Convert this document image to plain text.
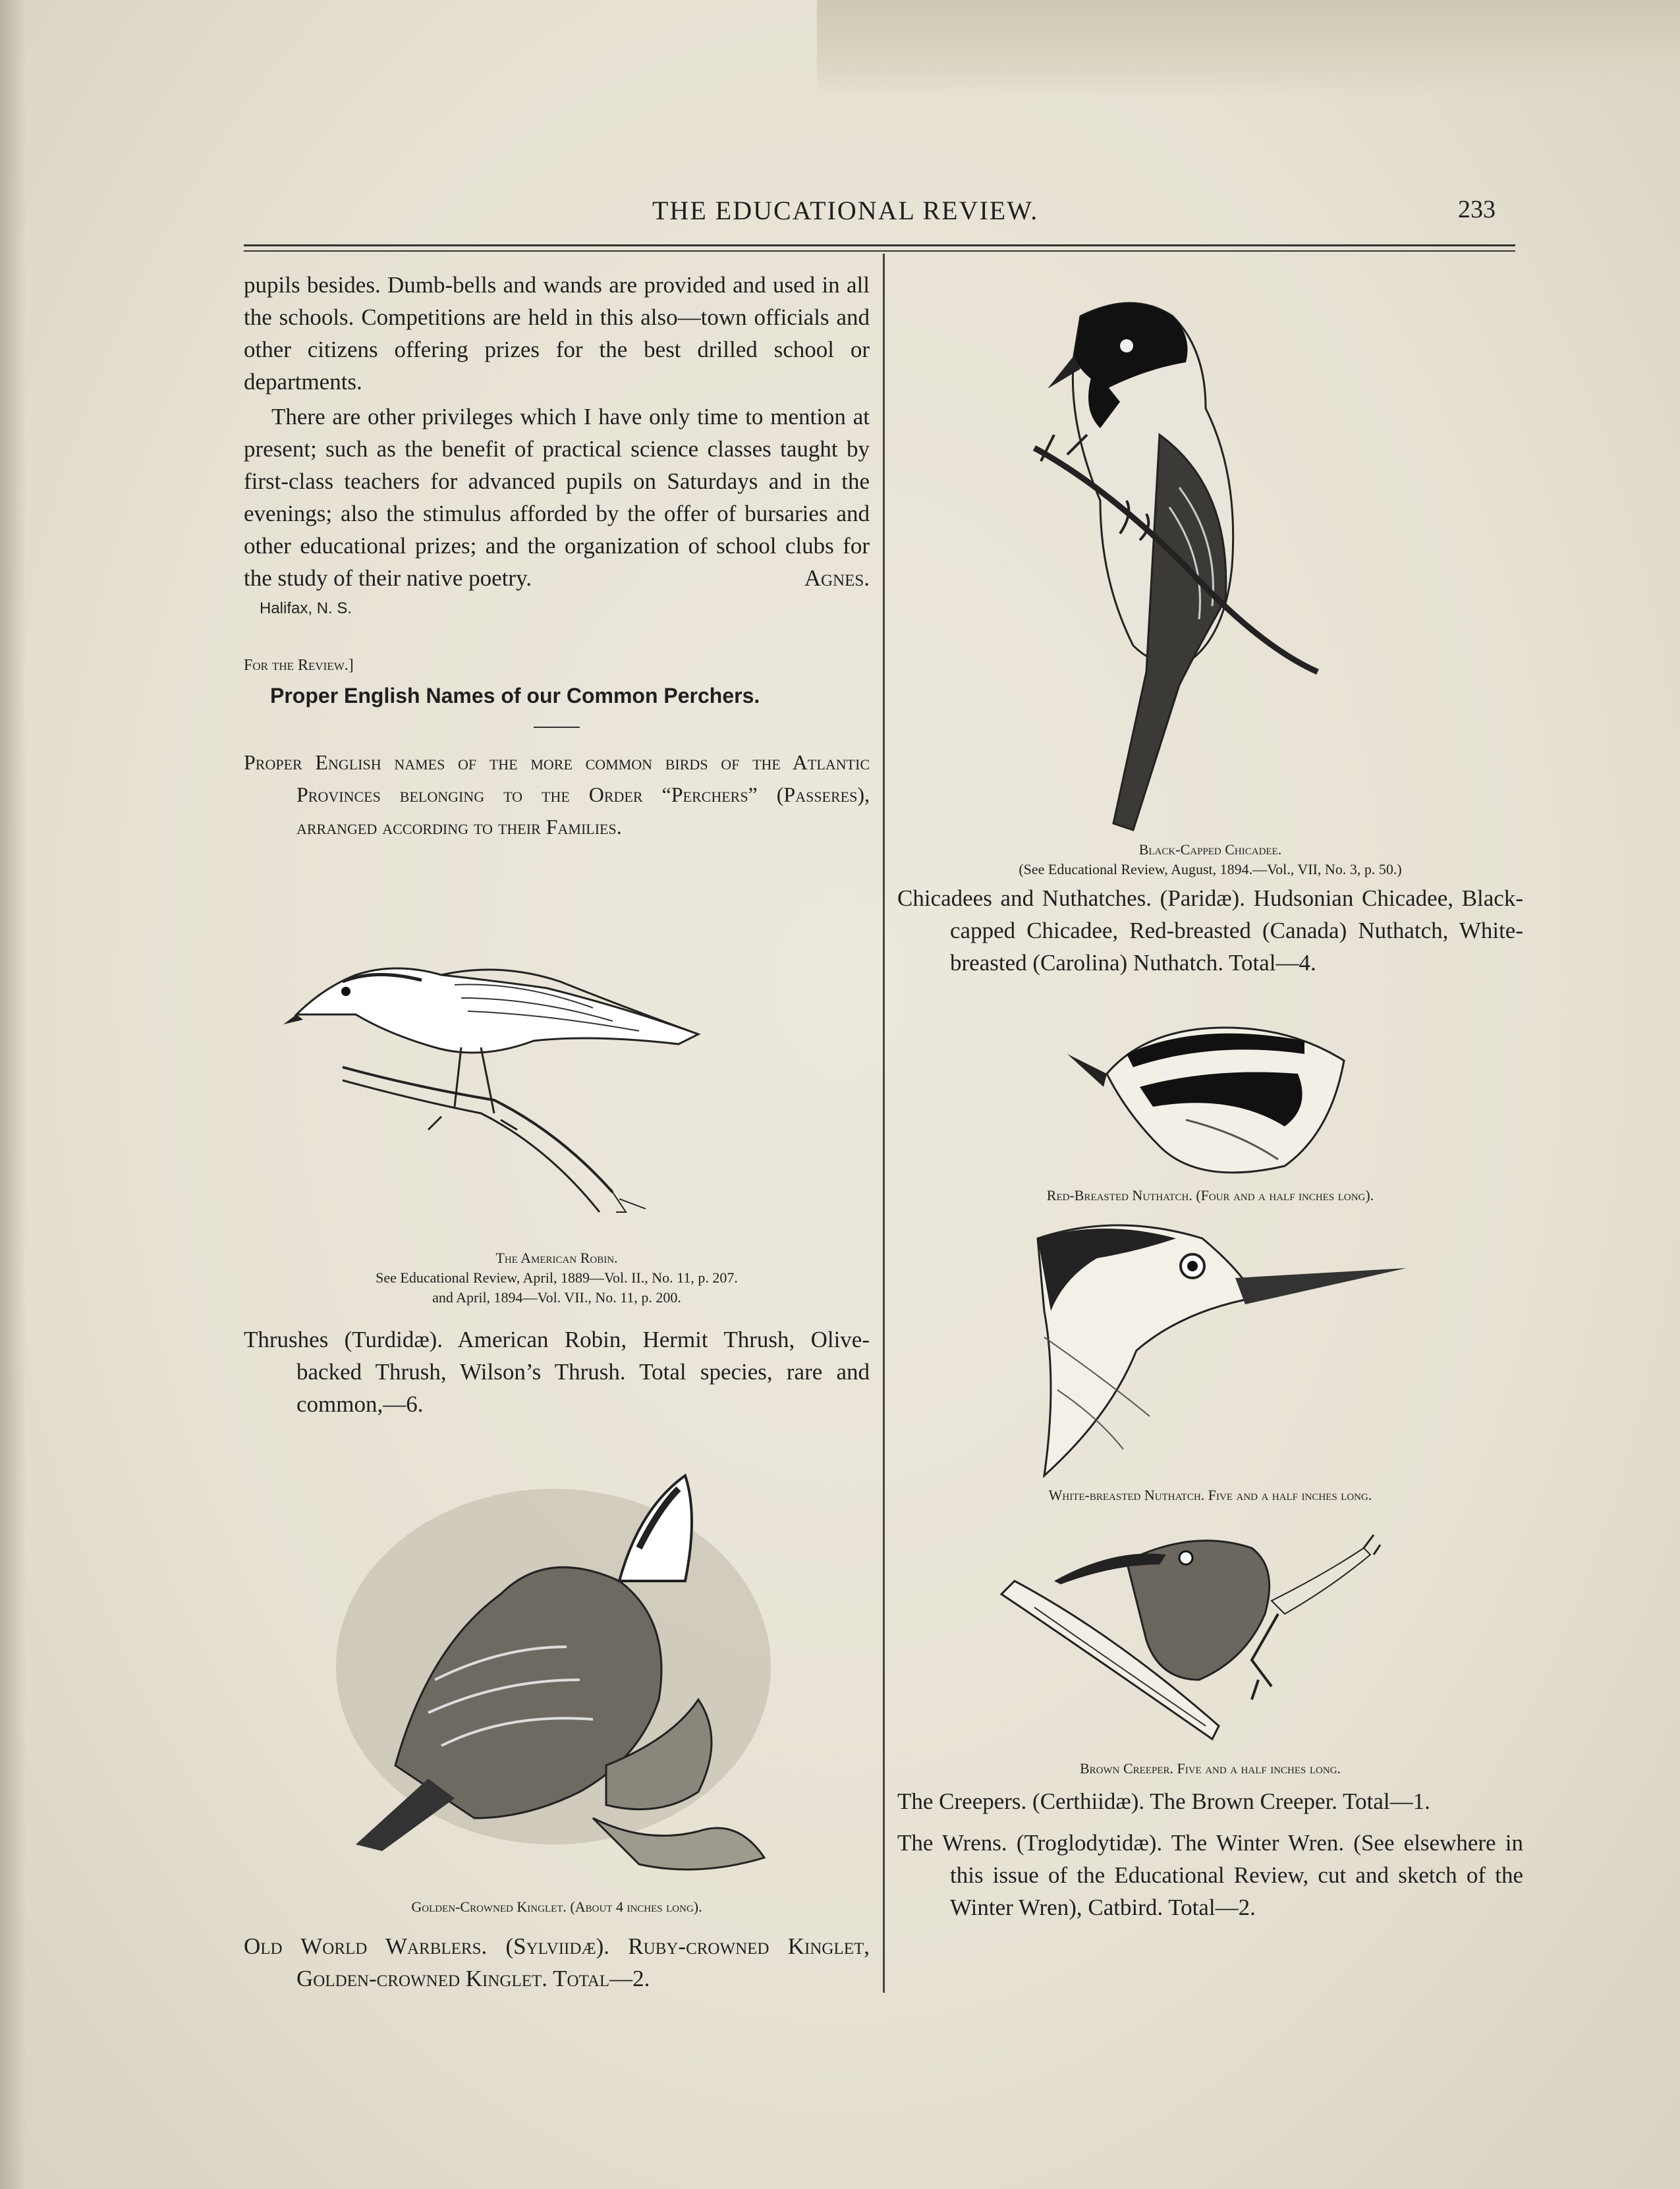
THE EDUCATIONAL REVIEW.	233

pupils besides. Dumb-bells and wands are provided and used in all the schools. Competitions are held in this also—town officials and other citizens offering prizes for the best drilled school or departments.

There are other privileges which I have only time to mention at present; such as the benefit of practical science classes taught by first-class teachers for advanced pupils on Saturdays and in the evenings; also the stimulus afforded by the offer of bursaries and other educational prizes; and the organization of school clubs for the study of their native poetry.	Agnes.
Halifax, N. S.
For the Review.]
Proper English Names of our Common Perchers.

Proper English names of the more common birds of the Atlantic Provinces belonging to the Order “Perchers” (Passeres), arranged according to their Families.

The American Robin.
See Educational Review, April, 1889—Vol. II., No. 11, p. 207.
and April, 1894—Vol. VII., No. 11, p. 200.

Thrushes (Turdidæ). American Robin, Hermit Thrush, Olive-backed Thrush, Wilson’s Thrush. Total species, rare and common,—6.

Golden-Crowned Kinglet. (About 4 inches long).

Old World Warblers. (Sylviidæ). Ruby-crowned Kinglet, Golden-crowned Kinglet. Total—2.

Black-Capped Chicadee.
(See Educational Review, August, 1894.—Vol., VII, No. 3, p. 50.)

Chicadees and Nuthatches. (Paridæ). Hudsonian Chicadee, Black-capped Chicadee, Red-breasted (Canada) Nuthatch, White-breasted (Carolina) Nuthatch. Total—4.

Red-Breasted Nuthatch. (Four and a half inches long).
White-breasted Nuthatch. Five and a half inches long.
Brown Creeper. Five and a half inches long.

The Creepers. (Certhiidæ). The Brown Creeper. Total—1.

The Wrens. (Troglodytidæ). The Winter Wren. (See elsewhere in this issue of the Educational Review, cut and sketch of the Winter Wren), Catbird. Total—2.
